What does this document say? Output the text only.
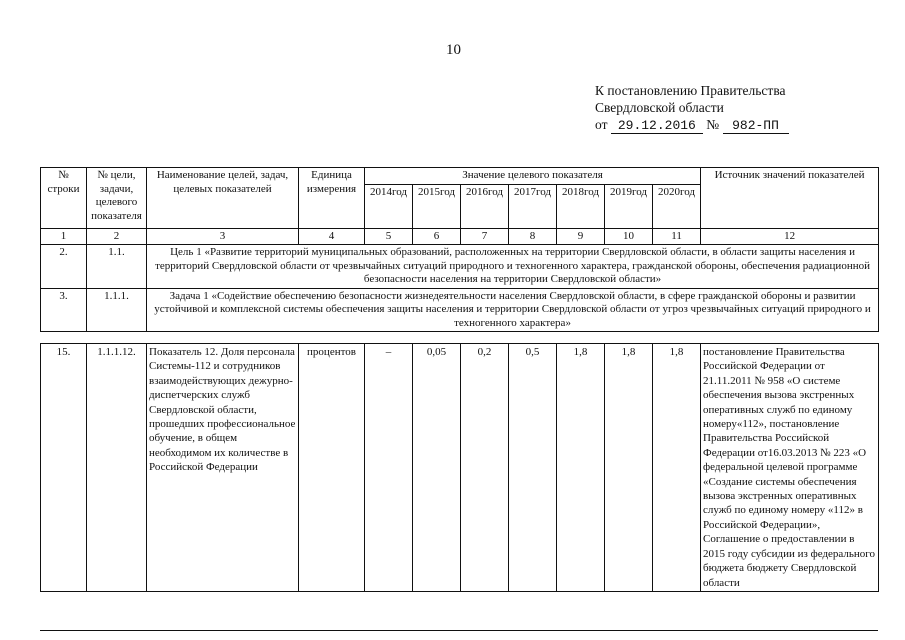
10
К постановлению Правительства
Свердловской области
от 29.12.2016 № 982-ПП
№ строки	№ цели, задачи, целевого показателя	Наименование целей, задач, целевых показателей	Единица измерения	Значение целевого показателя							Источник значений показателей
				2014год	2015год	2016год	2017год	2018год	2019год	2020год	
1	2	3	4	5	6	7	8	9	10	11	12
2.	1.1.	Цель 1 «Развитие территорий муниципальных образований, расположенных на территории Свердловской области, в области защиты населения и территорий Свердловской области от чрезвычайных ситуаций природного и техногенного характера, гражданской обороны, обеспечения радиационной безопасности населения на территории Свердловской области»									
3.	1.1.1.	Задача 1 «Содействие обеспечению безопасности жизнедеятельности населения Свердловской области, в сфере гражданской обороны и развитии устойчивой и комплексной системы обеспечения защиты населения и территории Свердловской области от угроз чрезвычайных ситуаций природного и техногенного характера»									
15.	1.1.1.12.	Показатель 12. Доля персонала Системы-112 и сотрудников взаимодействующих дежурно-диспетчерских служб Свердловской области, прошедших профессиональное обучение, в общем необходимом их количестве в Российской Федерации	процентов	–	0,05	0,2	0,5	1,8	1,8	1,8	постановление Правительства Российской Федерации от 21.11.2011 № 958 «О системе обеспечения вызова экстренных оперативных служб по единому номеру«112», постановление Правительства Российской Федерации от16.03.2013 № 223 «О федеральной целевой программе «Создание системы обеспечения вызова экстренных оперативных служб по единому номеру «112» в Российской Федерации», Соглашение о предоставлении в 2015 году субсидии из федерального бюджета бюджету Свердловской области
